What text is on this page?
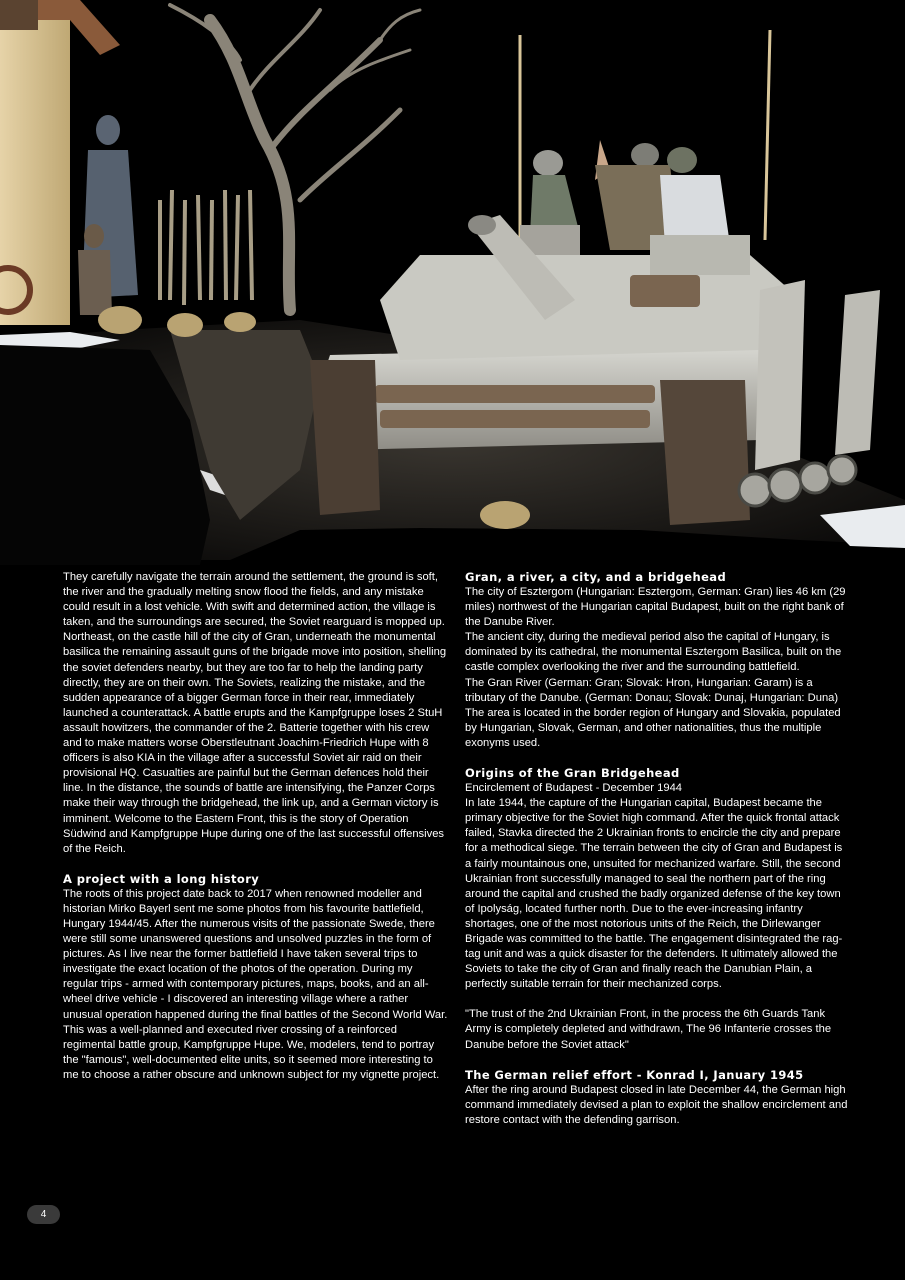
They carefully navigate the terrain around the settlement, the ground is soft, the river and the gradually melting snow flood the fields, and any mistake could result in a lost vehicle. With swift and determined action, the village is taken, and the surroundings are secured, the Soviet rearguard is mopped up. Northeast, on the castle hill of the city of Gran, underneath the monumental basilica the remaining assault guns of the brigade move into position, shelling the soviet defenders nearby, but they are too far to help the landing party directly, they are on their own. The Soviets, realizing the mistake, and the sudden appearance of a bigger German force in their rear, immediately launched a counterattack. A battle erupts and the Kampfgruppe loses 2 StuH assault howitzers, the commander of the 2. Batterie together with his crew and to make matters worse Oberstleutnant Joachim-Friedrich Hupe with 8 officers is also KIA in the village after a successful Soviet air raid on their provisional HQ. Casualties are painful but the German defences hold their line. In the distance, the sounds of battle are intensifying, the Panzer Corps make their way through the bridgehead, the link up, and a German victory is imminent. Welcome to the Eastern Front, this is the story of Operation Südwind and Kampfgruppe Hupe during one of the last successful offensives of the Reich.

A project with a long history

The roots of this project date back to 2017 when renowned modeller and historian Mirko Bayerl sent me some photos from his favourite battlefield, Hungary 1944/45. After the numerous visits of the passionate Swede, there were still some unanswered questions and unsolved puzzles in the form of pictures. As I live near the former battlefield I have taken several trips to investigate the exact location of the photos of the operation. During my regular trips - armed with contemporary pictures, maps, books, and an all-wheel drive vehicle - I discovered an interesting village where a rather unusual operation happened during the final battles of the Second World War. This was a well-planned and executed river crossing of a reinforced regimental battle group, Kampfgruppe Hupe. We, modelers, tend to portray the "famous", well-documented elite units, so it seemed more interesting to me to choose a rather obscure and unknown subject for my vignette project.

Gran, a river, a city, and a bridgehead

The city of Esztergom (Hungarian: Esztergom, German: Gran) lies 46 km (29 miles) northwest of the Hungarian capital Budapest, built on the right bank of the Danube River.

The ancient city, during the medieval period also the capital of Hungary, is dominated by its cathedral, the monumental Esztergom Basilica, built on the castle complex overlooking the river and the surrounding battlefield.

The Gran River (German: Gran; Slovak: Hron, Hungarian: Garam) is a tributary of the Danube. (German: Donau; Slovak: Dunaj, Hungarian: Duna) The area is located in the border region of Hungary and Slovakia, populated by Hungarian, Slovak, German, and other nationalities, thus the multiple exonyms used.

Origins of the Gran Bridgehead

Encirclement of Budapest - December 1944

In late 1944, the capture of the Hungarian capital, Budapest became the primary objective for the Soviet high command. After the quick frontal attack failed, Stavka directed the 2 Ukrainian fronts to encircle the city and prepare for a methodical siege. The terrain between the city of Gran and Budapest is a fairly mountainous one, unsuited for mechanized warfare. Still, the second Ukrainian front successfully managed to seal the northern part of the ring around the capital and crushed the badly organized defense of the key town of Ipolyság, located further north. Due to the ever-increasing infantry shortages, one of the most notorious units of the Reich, the Dirlewanger Brigade was committed to the battle. The engagement disintegrated the rag-tag unit and was a quick disaster for the defenders. It ultimately allowed the Soviets to take the city of Gran and finally reach the Danubian Plain, a perfectly suitable terrain for their mechanized corps.

"The trust of the 2nd Ukrainian Front, in the process the 6th Guards Tank Army is completely depleted and withdrawn, The 96 Infanterie crosses the Danube before the Soviet attack"

The German relief effort - Konrad I, January 1945

After the ring around Budapest closed in late December 44, the German high command immediately devised a plan to exploit the shallow encirclement and restore contact with the defending garrison.

4
